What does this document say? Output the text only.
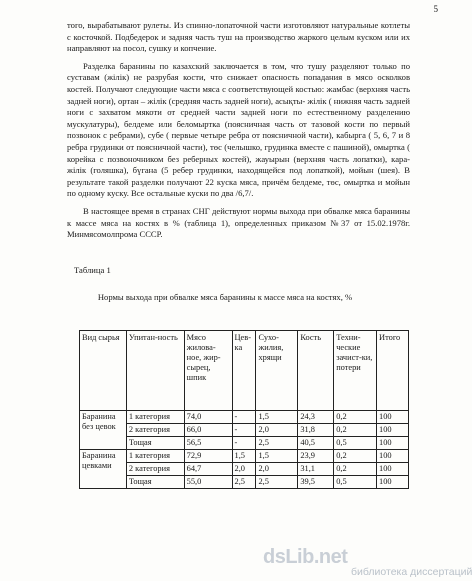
5

того, вырабатывают рулеты. Из спинно-лопаточной части изготовляют натуральные котлеты с косточкой. Подбедерок и задняя часть туш на производство жаркого целым куском или их направляют на посол, сушку и копчение.

Разделка баранины по казахский заключается в том, что тушу разделяют только по суставам (жілік) не разрубая кости, что снижает опасность попадания в мясо осколков костей. Получают следующие части мяса с соответствующей костью: жамбас (верхняя часть задней ноги), ортан – жілік (средняя часть задней ноги), асықты- жілік ( нижняя часть задней ноги с захватом мякоти от средней части задней ноги по естественному разделению мускулатуры), белдеме или беломыртка (поясничная часть от тазовой кости по первый позвонок с ребрами), субе ( первые четыре ребра от поясничной части), кабырга ( 5, 6, 7 и 8 ребра грудинки от поясничной части), төс (челышко, грудинка вместе с пашиной), омыртка ( корейка с позвоночником без реберных костей), жауырын (верхняя часть лопатки), кара-жілік (голяшка), бүгана (5 ребер грудинки, находящейся под лопаткой), мойын (шея). В результате такой разделки получают 22 куска мяса, причём белдеме, төс, омыртка и мойын по одному куску. Все остальные куски по два /6,7/.

В настоящее время в странах СНГ действуют нормы выхода при обвалке мяса баранины к массе мяса на костях в % (таблица 1), определенных приказом №37 от 15.02.1978г. Минмясомолпрома СССР.

Таблица 1
Нормы выхода при обвалке мяса баранины к массе мяса на костях, %
Вид сырья	Упитан-ность	Мясо жилова-ное, жир-сырец, шпик	Цев-ка	Сухо-жилия, хрящи	Кость	Техни-ческие зачист-ки, потери	Итого
Баранина без цевок	1 категория	74,0	-	1,5	24,3	0,2	100
	2 категория	66,0	-	2,0	31,8	0,2	100
	Тощая	56,5	-	2,5	40,5	0,5	100
Баранина цевками	1 категория	72,9	1,5	1,5	23,9	0,2	100
	2 категория	64,7	2,0	2,0	31,1	0,2	100
	Тощая	55,0	2,5	2,5	39,5	0,5	100
dsLib.net
библиотека диссертаций
